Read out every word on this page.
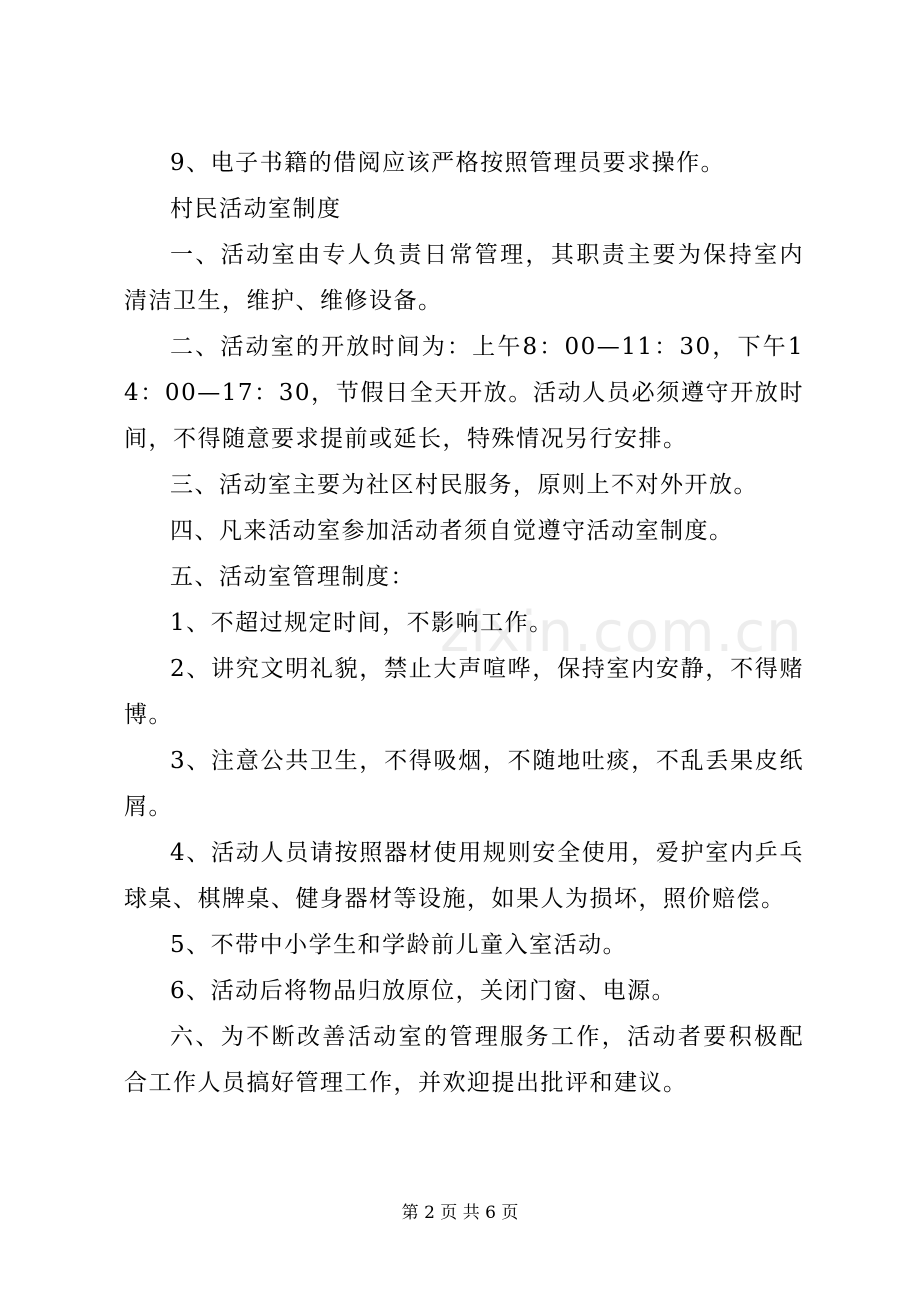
9、电子书籍的借阅应该严格按照管理员要求操作。

村民活动室制度

一、活动室由专人负责日常管理，其职责主要为保持室内清洁卫生，维护、维修设备。

二、活动室的开放时间为：上午8：00—11：30，下午14：00—17：30，节假日全天开放。活动人员必须遵守开放时间，不得随意要求提前或延长，特殊情况另行安排。

三、活动室主要为社区村民服务，原则上不对外开放。

四、凡来活动室参加活动者须自觉遵守活动室制度。

五、活动室管理制度：

1、不超过规定时间，不影响工作。

2、讲究文明礼貌，禁止大声喧哗，保持室内安静，不得赌博。

3、注意公共卫生，不得吸烟，不随地吐痰，不乱丢果皮纸屑。

4、活动人员请按照器材使用规则安全使用，爱护室内乒乓球桌、棋牌桌、健身器材等设施，如果人为损坏，照价赔偿。

5、不带中小学生和学龄前儿童入室活动。

6、活动后将物品归放原位，关闭门窗、电源。

六、为不断改善活动室的管理服务工作，活动者要积极配合工作人员搞好管理工作，并欢迎提出批评和建议。

zixin.com.cn
第 2 页 共 6 页
